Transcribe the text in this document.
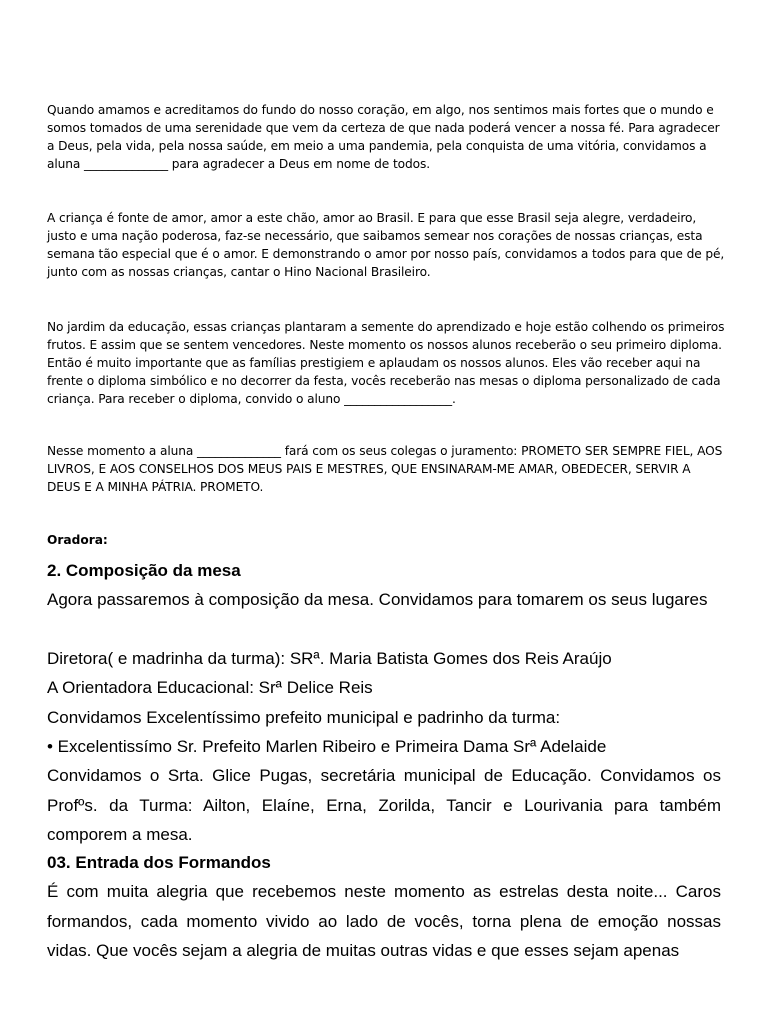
Quando amamos e acreditamos do fundo do nosso coração, em algo, nos sentimos mais fortes que o mundo e somos tomados de uma serenidade que vem da certeza de que nada poderá vencer a nossa fé. Para agradecer a Deus, pela vida, pela nossa saúde, em meio a uma pandemia, pela conquista de uma vitória, convidamos a aluna ______________ para agradecer a Deus em nome de todos.

A criança é fonte de amor, amor a este chão, amor ao Brasil. E para que esse Brasil seja alegre, verdadeiro, justo e uma nação poderosa, faz-se necessário, que saibamos semear nos corações de nossas crianças, esta semana tão especial que é o amor. E demonstrando o amor por nosso país, convidamos a todos para que de pé, junto com as nossas crianças, cantar o Hino Nacional Brasileiro.

No jardim da educação, essas crianças plantaram a semente do aprendizado e hoje estão colhendo os primeiros frutos. E assim que se sentem vencedores. Neste momento os nossos alunos receberão o seu primeiro diploma. Então é muito importante que as famílias prestigiem e aplaudam os nossos alunos. Eles vão receber aqui na frente o diploma simbólico e no decorrer da festa, vocês receberão nas mesas o diploma personalizado de cada criança. Para receber o diploma, convido o aluno __________________.

Nesse momento a aluna ______________ fará com os seus colegas o juramento: PROMETO SER SEMPRE FIEL, AOS LIVROS, E AOS CONSELHOS DOS MEUS PAIS E MESTRES, QUE ENSINARAM-ME AMAR, OBEDECER, SERVIR A DEUS E A MINHA PÁTRIA. PROMETO.

Oradora:

2. Composição da mesa

Agora passaremos à composição da mesa. Convidamos para tomarem os seus lugares

Diretora( e madrinha da turma): SRª. Maria Batista Gomes dos Reis Araújo

A Orientadora Educacional: Srª Delice Reis

Convidamos Excelentíssimo prefeito municipal e padrinho da turma:

• Excelentissímo Sr. Prefeito Marlen Ribeiro e Primeira Dama Srª Adelaide

Convidamos o Srta. Glice Pugas, secretária municipal de Educação. Convidamos os Profºs. da Turma: Ailton, Elaíne, Erna, Zorilda, Tancir e Lourivania para também comporem a mesa.

03. Entrada dos Formandos

É com muita alegria que recebemos neste momento as estrelas desta noite... Caros formandos, cada momento vivido ao lado de vocês, torna plena de emoção nossas vidas. Que vocês sejam a alegria de muitas outras vidas e que esses sejam apenas
